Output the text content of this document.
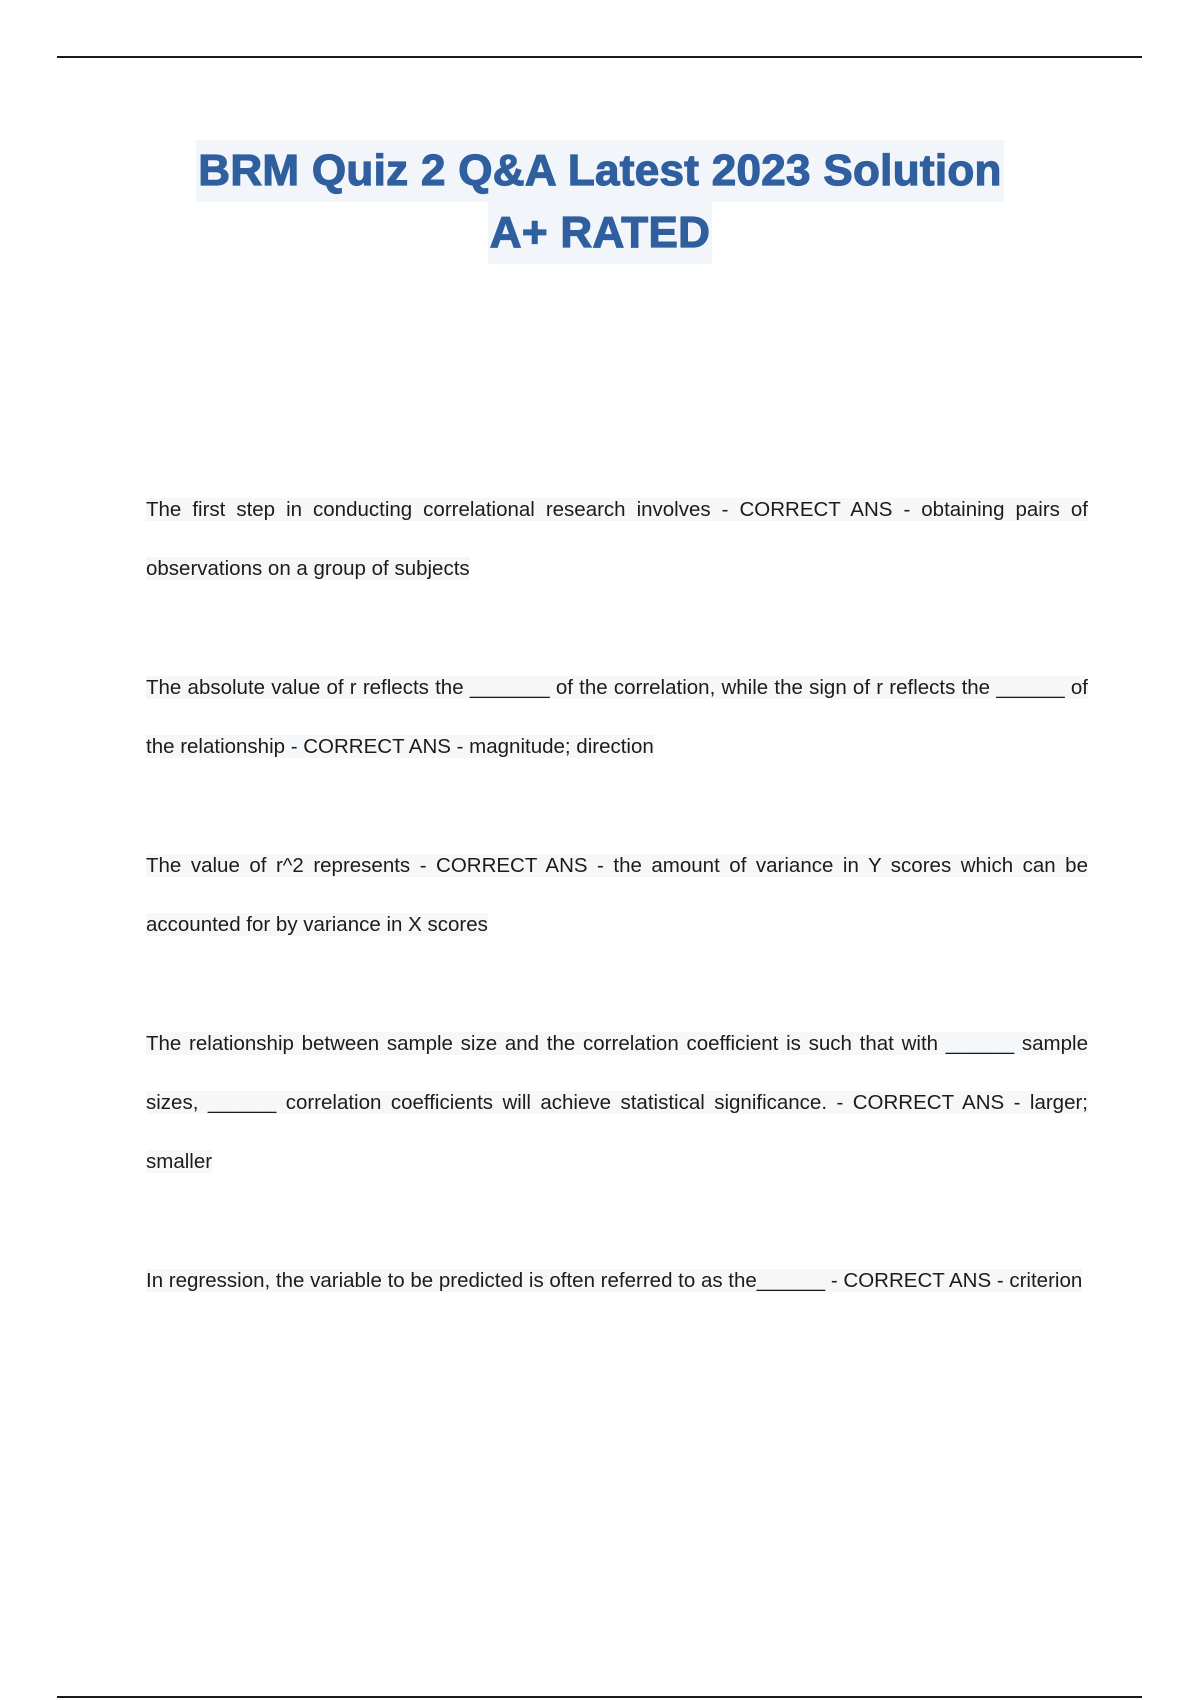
BRM Quiz 2 Q&A Latest 2023 Solution
A+ RATED

The first step in conducting correlational research involves - CORRECT ANS - obtaining pairs of observations on a group of subjects

The absolute value of r reflects the _______ of the correlation, while the sign of r reflects the ______ of the relationship - CORRECT ANS - magnitude; direction

The value of r^2 represents - CORRECT ANS - the amount of variance in Y scores which can be accounted for by variance in X scores

The relationship between sample size and the correlation coefficient is such that with ______ sample sizes, ______ correlation coefficients will achieve statistical significance. - CORRECT ANS - larger; smaller

In regression, the variable to be predicted is often referred to as the______ - CORRECT ANS - criterion
